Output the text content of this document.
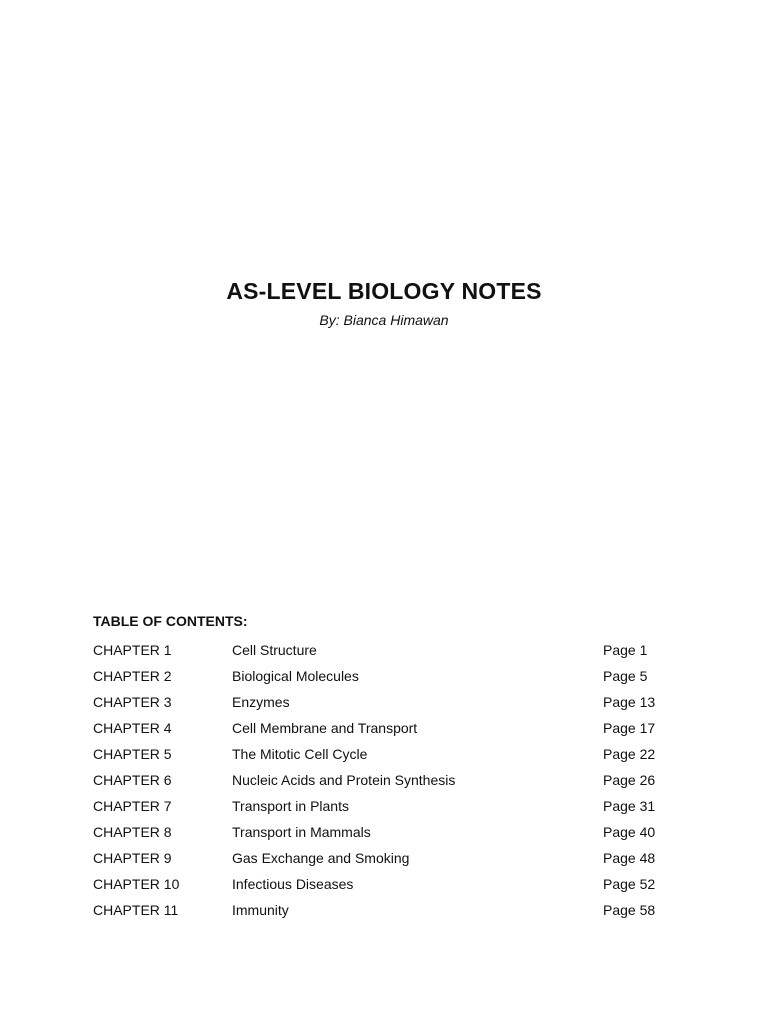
AS-LEVEL BIOLOGY NOTES
By: Bianca Himawan
TABLE OF CONTENTS:
CHAPTER 1	Cell Structure	Page 1
CHAPTER 2	Biological Molecules	Page 5
CHAPTER 3	Enzymes	Page 13
CHAPTER 4	Cell Membrane and Transport	Page 17
CHAPTER 5	The Mitotic Cell Cycle	Page 22
CHAPTER 6	Nucleic Acids and Protein Synthesis	Page 26
CHAPTER 7	Transport in Plants	Page 31
CHAPTER 8	Transport in Mammals	Page 40
CHAPTER 9	Gas Exchange and Smoking	Page 48
CHAPTER 10	Infectious Diseases	Page 52
CHAPTER 11	Immunity	Page 58
